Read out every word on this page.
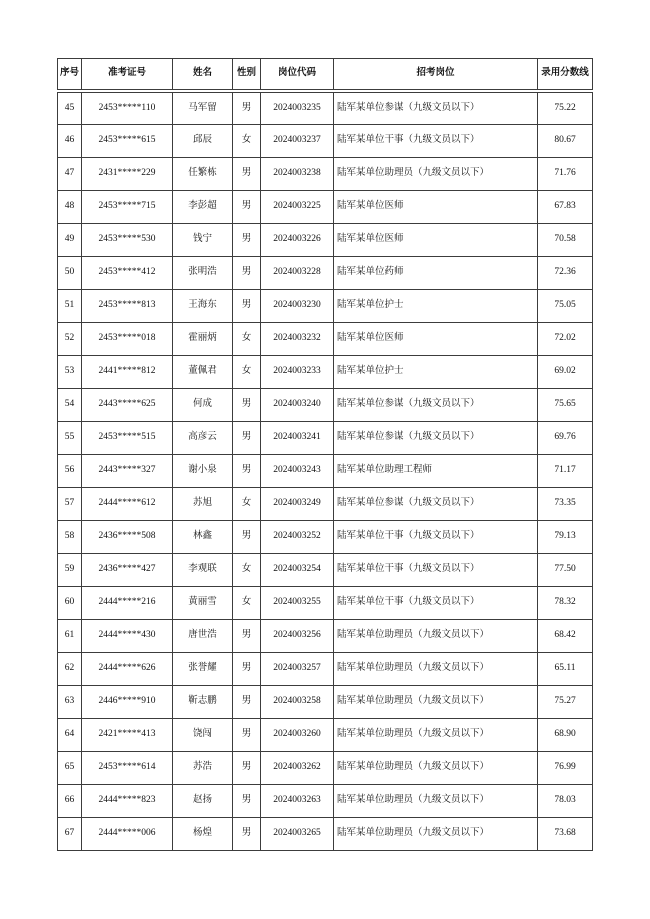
序号	准考证号	姓名	性别	岗位代码	招考岗位	录用分数线
45	2453*****110	马军留	男	2024003235	陆军某单位参谋（九级文员以下）	75.22
46	2453*****615	邱辰	女	2024003237	陆军某单位干事（九级文员以下）	80.67
47	2431*****229	任繁栋	男	2024003238	陆军某单位助理员（九级文员以下）	71.76
48	2453*****715	李彭超	男	2024003225	陆军某单位医师	67.83
49	2453*****530	钱宁	男	2024003226	陆军某单位医师	70.58
50	2453*****412	张明浩	男	2024003228	陆军某单位药师	72.36
51	2453*****813	王海东	男	2024003230	陆军某单位护士	75.05
52	2453*****018	霍丽炳	女	2024003232	陆军某单位医师	72.02
53	2441*****812	董佩君	女	2024003233	陆军某单位护士	69.02
54	2443*****625	何成	男	2024003240	陆军某单位参谋（九级文员以下）	75.65
55	2453*****515	高彦云	男	2024003241	陆军某单位参谋（九级文员以下）	69.76
56	2443*****327	谢小泉	男	2024003243	陆军某单位助理工程师	71.17
57	2444*****612	苏旭	女	2024003249	陆军某单位参谋（九级文员以下）	73.35
58	2436*****508	林鑫	男	2024003252	陆军某单位干事（九级文员以下）	79.13
59	2436*****427	李观联	女	2024003254	陆军某单位干事（九级文员以下）	77.50
60	2444*****216	黄丽雪	女	2024003255	陆军某单位干事（九级文员以下）	78.32
61	2444*****430	唐世浩	男	2024003256	陆军某单位助理员（九级文员以下）	68.42
62	2444*****626	张誉耀	男	2024003257	陆军某单位助理员（九级文员以下）	65.11
63	2446*****910	靳志鹏	男	2024003258	陆军某单位助理员（九级文员以下）	75.27
64	2421*****413	饶闯	男	2024003260	陆军某单位助理员（九级文员以下）	68.90
65	2453*****614	苏浩	男	2024003262	陆军某单位助理员（九级文员以下）	76.99
66	2444*****823	赵扬	男	2024003263	陆军某单位助理员（九级文员以下）	78.03
67	2444*****006	杨煌	男	2024003265	陆军某单位助理员（九级文员以下）	73.68
